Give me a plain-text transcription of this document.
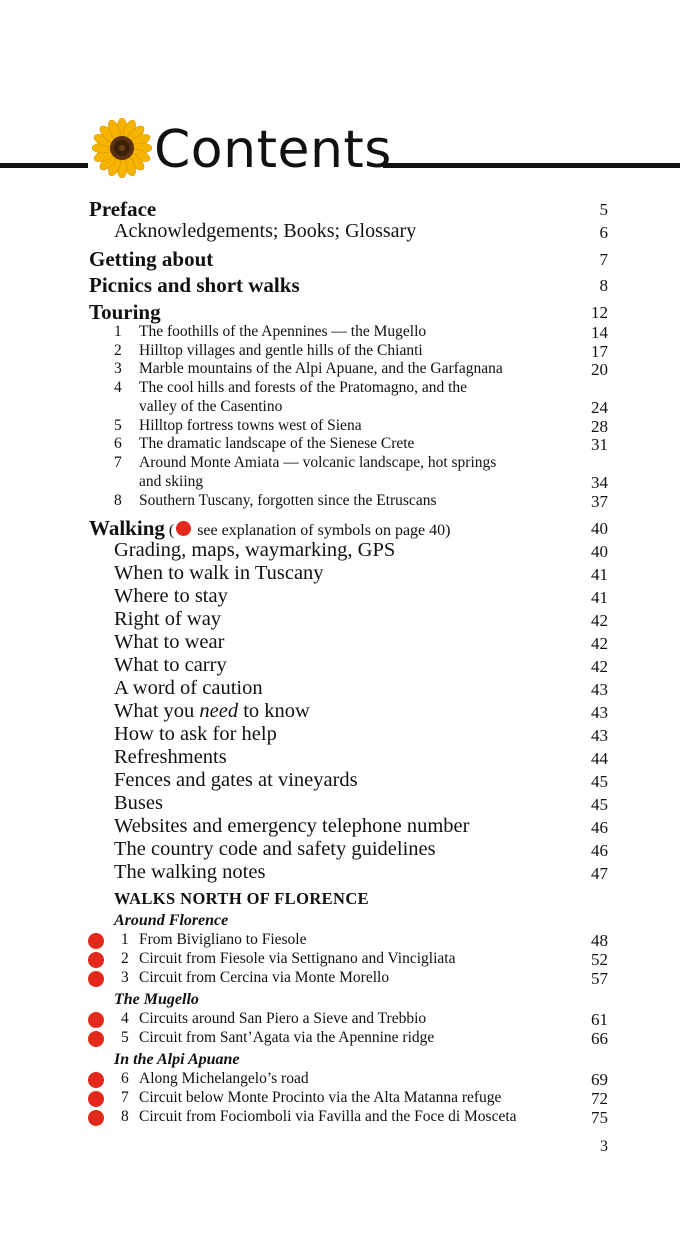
Contents
Preface	5
Acknowledgements; Books; Glossary	6
Getting about	7
Picnics and short walks	8
Touring	12
1 The foothills of the Apennines — the Mugello	14
2 Hilltop villages and gentle hills of the Chianti	17
3 Marble mountains of the Alpi Apuane, and the Garfagnana	20
4 The cool hills and forests of the Pratomagno, and the
valley of the Casentino	24
5 Hilltop fortress towns west of Siena	28
6 The dramatic landscape of the Sienese Crete	31
7 Around Monte Amiata — volcanic landscape, hot springs
and skiing	34
8 Southern Tuscany, forgotten since the Etruscans	37
Walking ( see explanation of symbols on page 40)	40
Grading, maps, waymarking, GPS	40
When to walk in Tuscany	41
Where to stay	41
Right of way	42
What to wear	42
What to carry	42
A word of caution	43
What you need to know	43
How to ask for help	43
Refreshments	44
Fences and gates at vineyards	45
Buses	45
Websites and emergency telephone number	46
The country code and safety guidelines	46
The walking notes	47
WALKS NORTH OF FLORENCE
Around Florence
1 From Bivigliano to Fiesole	48
2 Circuit from Fiesole via Settignano and Vincigliata	52
3 Circuit from Cercina via Monte Morello	57
The Mugello
4 Circuits around San Piero a Sieve and Trebbio	61
5 Circuit from Sant’Agata via the Apennine ridge	66
In the Alpi Apuane
6 Along Michelangelo’s road	69
7 Circuit below Monte Procinto via the Alta Matanna refuge	72
8 Circuit from Fociomboli via Favilla and the Foce di Mosceta	75
3
